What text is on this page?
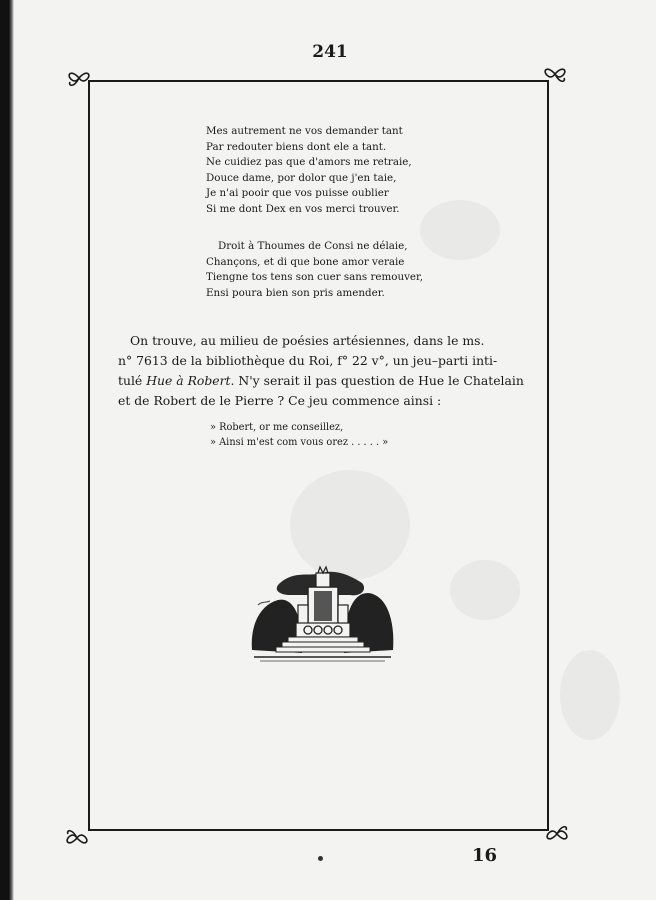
241
Mes autrement ne vos demander tant
Par redouter biens dont ele a tant.
Ne cuidiez pas que d'amors me retraie,
Douce dame, por dolor que j'en taie,
Je n'ai pooir que vos puisse oublier
Si me dont Dex en vos merci trouver.
Droit à Thoumes de Consi ne délaie,
Chançons, et di que bone amor veraie
Tiengne tos tens son cuer sans remouver,
Ensi poura bien son pris amender.
On trouve, au milieu de poésies artésiennes, dans le ms.
n° 7613 de la bibliothèque du Roi, f° 22 v°, un jeu–parti inti-
tulé Hue à Robert. N'y serait il pas question de Hue le Chatelain
et de Robert de le Pierre ? Ce jeu commence ainsi :
» Robert, or me conseillez,
» Ainsi m'est com vous orez . . . . . »
16
